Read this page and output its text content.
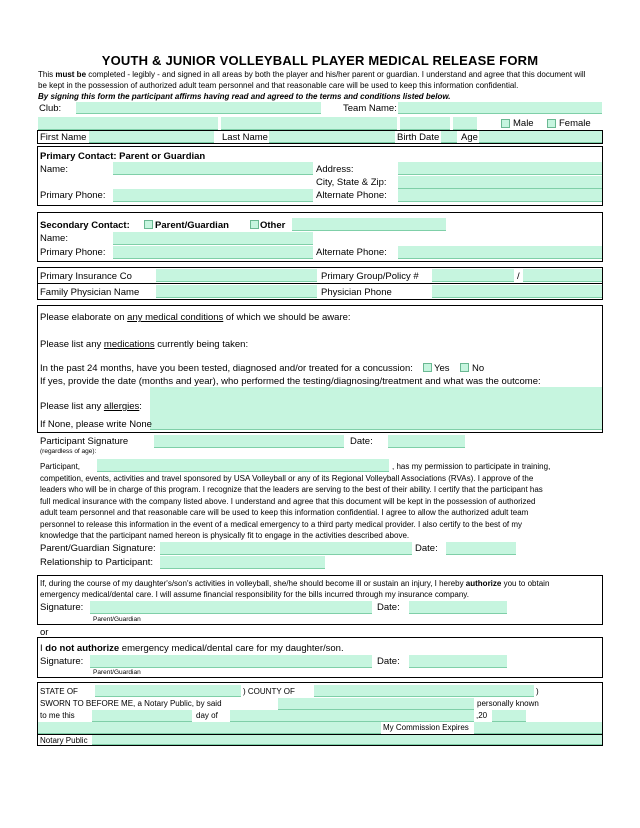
YOUTH & JUNIOR VOLLEYBALL PLAYER MEDICAL RELEASE FORM
This must be completed - legibly - and signed in all areas by both the player and his/her parent or guardian. I understand and agree that this document will
be kept in the possession of authorized adult team personnel and that reasonable care will be used to keep this information confidential.
By signing this form the participant affirms having read and agreed to the terms and conditions listed below.
Club:	Team Name:
Male	Female
First Name	Last Name	Birth Date Age
Primary Contact: Parent or Guardian
Name:	Address:
City, State & Zip:
Primary Phone:	Alternate Phone:
Secondary Contact:	Parent/Guardian	Other
Name:
Primary Phone:	Alternate Phone:
Primary Insurance Co	Primary Group/Policy #	/
Family Physician Name	Physician Phone
Please elaborate on any medical conditions of which we should be aware:
Please list any medications currently being taken:
In the past 24 months, have you been tested, diagnosed and/or treated for a concussion: Yes No
If yes, provide the date (months and year), who performed the testing/diagnosing/treatment and what was the outcome:
Please list any allergies:
If None, please write None
Participant Signature
(regardless of age):
Date:
Participant,	, has my permission to participate in training,
competition, events, activities and travel sponsored by USA Volleyball or any of its Regional Volleyball Associations (RVAs). I approve of the
leaders who will be in charge of this program. I recognize that the leaders are serving to the best of their ability. I certify that the participant has
full medical insurance with the company listed above. I understand and agree that this document will be kept in the possession of authorized
adult team personnel and that reasonable care will be used to keep this information confidential. I agree to allow the authorized adult team
personnel to release this information in the event of a medical emergency to a third party medical provider. I also certify to the best of my
knowledge that the participant named hereon is physically fit to engage in the activities described above.
Parent/Guardian Signature:	Date:
Relationship to Participant:
If, during the course of my daughter's/son's activities in volleyball, she/he should become ill or sustain an injury, I hereby authorize you to obtain
emergency medical/dental care. I will assume financial responsibility for the bills incurred through my insurance company.
Signature:	Date:
Parent/Guardian
or
I do not authorize emergency medical/dental care for my daughter/son.
Signature:	Date:
Parent/Guardian
STATE OF	) COUNTY OF	)
SWORN TO BEFORE ME, a Notary Public, by said	personally known
to me this	day of	,20
My Commission Expires
Notary Public
